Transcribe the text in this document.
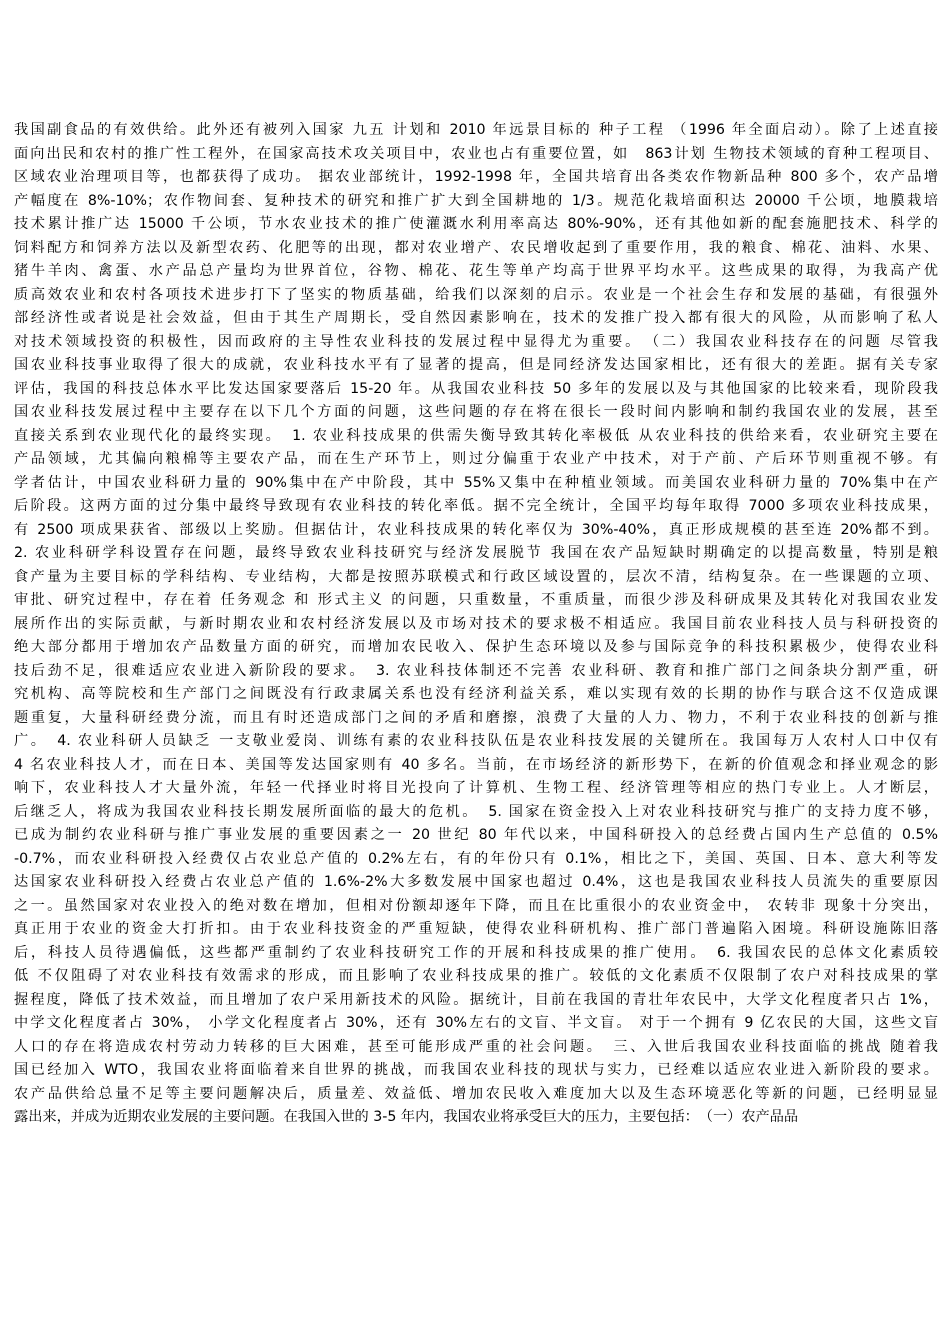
我国副食品的有效供给。此外还有被列入国家 九五 计划和 2010 年远景目标的 种子工程 （1996 年全面启动）。除了上述直接
面向出民和农村的推广性工程外，在国家高技术攻关项目中，农业也占有重要位置，如　863计划 生物技术领域的育种工程项目、
区域农业治理项目等，也都获得了成功。 据农业部统计，1992-1998 年，全国共培育出各类农作物新品种 800 多个，农产品增
产幅度在 8%-10%；农作物间套、复种技术的研究和推广扩大到全国耕地的 1/3。规范化栽培面积达 20000 千公顷，地膜栽培
技术累计推广达 15000 千公顷，节水农业技术的推广使灌溉水利用率高达 80%-90%，还有其他如新的配套施肥技术、科学的
饲料配方和饲养方法以及新型农药、化肥等的出现，都对农业增产、农民增收起到了重要作用，我的粮食、棉花、油料、水果、
猪牛羊肉、禽蛋、水产品总产量均为世界首位，谷物、棉花、花生等单产均高于世界平均水平。这些成果的取得，为我高产优
质高效农业和农村各项技术进步打下了坚实的物质基础，给我们以深刻的启示。农业是一个社会生存和发展的基础，有很强外
部经济性或者说是社会效益，但由于其生产周期长，受自然因素影响在，技术的发推广投入都有很大的风险，从而影响了私人
对技术领域投资的积极性，因而政府的主导性农业科技的发展过程中显得尤为重要。　（二）我国农业科技存在的问题 尽管我
国农业科技事业取得了很大的成就，农业科技水平有了显著的提高，但是同经济发达国家相比，还有很大的差距。据有关专家
评估，我国的科技总体水平比发达国家要落后 15-20 年。从我国农业科技 50 多年的发展以及与其他国家的比较来看，现阶段我
国农业科技发展过程中主要存在以下几个方面的问题，这些问题的存在将在很长一段时间内影响和制约我国农业的发展，甚至
直接关系到农业现代化的最终实现。　1. 农业科技成果的供需失衡导致其转化率极低 从农业科技的供给来看，农业研究主要在
产品领域，尤其偏向粮棉等主要农产品，而在生产环节上，则过分偏重于农业产中技术，对于产前、产后环节则重视不够。有
学者估计，中国农业科研力量的 90%集中在产中阶段，其中 55%又集中在种植业领域。而美国农业科研力量的 70%集中在产
后阶段。这两方面的过分集中最终导致现有农业科技的转化率低。据不完全统计，全国平均每年取得 7000 多项农业科技成果，
有 2500 项成果获省、部级以上奖励。但据估计，农业科技成果的转化率仅为 30%-40%，真正形成规模的甚至连 20%都不到。
2. 农业科研学科设置存在问题，最终导致农业科技研究与经济发展脱节 我国在农产品短缺时期确定的以提高数量，特别是粮
食产量为主要目标的学科结构、专业结构，大都是按照苏联模式和行政区域设置的，层次不清，结构复杂。在一些课题的立项、
审批、研究过程中，存在着 任务观念 和 形式主义 的问题，只重数量，不重质量，而很少涉及科研成果及其转化对我国农业发
展所作出的实际贡献，与新时期农业和农村经济发展以及市场对技术的要求极不相适应。我国目前农业科技人员与科研投资的
绝大部分都用于增加农产品数量方面的研究，而增加农民收入、保护生态环境以及参与国际竞争的科技积累极少，使得农业科
技后劲不足，很难适应农业进入新阶段的要求。　3. 农业科技体制还不完善 农业科研、教育和推广部门之间条块分割严重，研
究机构、高等院校和生产部门之间既没有行政隶属关系也没有经济利益关系，难以实现有效的长期的协作与联合这不仅造成课
题重复，大量科研经费分流，而且有时还造成部门之间的矛盾和磨擦，浪费了大量的人力、物力，不利于农业科技的创新与推
广。　4. 农业科研人员缺乏 一支敬业爱岗、训练有素的农业科技队伍是农业科技发展的关键所在。我国每万人农村人口中仅有
4 名农业科技人才，而在日本、美国等发达国家则有 40 多名。当前，在市场经济的新形势下，在新的价值观念和择业观念的影
响下，农业科技人才大量外流，年轻一代择业时将目光投向了计算机、生物工程、经济管理等相应的热门专业上。人才断层，
后继乏人，将成为我国农业科技长期发展所面临的最大的危机。　5. 国家在资金投入上对农业科技研究与推广的支持力度不够，
已成为制约农业科研与推广事业发展的重要因素之一 20 世纪 80 年代以来，中国科研投入的总经费占国内生产总值的 0.5%
-0.7%，而农业科研投入经费仅占农业总产值的 0.2%左右，有的年份只有 0.1%，相比之下，美国、英国、日本、意大利等发
达国家农业科研投入经费占农业总产值的 1.6%-2%大多数发展中国家也超过 0.4%，这也是我国农业科技人员流失的重要原因
之一。虽然国家对农业投入的绝对数在增加，但相对份额却逐年下降，而且在比重很小的农业资金中， 农转非 现象十分突出，
真正用于农业的资金大打折扣。由于农业科技资金的严重短缺，使得农业科研机构、推广部门普遍陷入困境。科研设施陈旧落
后，科技人员待遇偏低，这些都严重制约了农业科技研究工作的开展和科技成果的推广使用。　6. 我国农民的总体文化素质较
低 不仅阻碍了对农业科技有效需求的形成，而且影响了农业科技成果的推广。较低的文化素质不仅限制了农户对科技成果的掌
握程度，降低了技术效益，而且增加了农户采用新技术的风险。据统计，目前在我国的青壮年农民中，大学文化程度者只占 1%，
中学文化程度者占 30%， 小学文化程度者占 30%，还有 30%左右的文盲、半文盲。 对于一个拥有 9 亿农民的大国，这些文盲
人口的存在将造成农村劳动力转移的巨大困难，甚至可能形成严重的社会问题。　三、入世后我国农业科技面临的挑战 随着我
国已经加入 WTO，我国农业将面临着来自世界的挑战，而我国农业科技的现状与实力，已经难以适应农业进入新阶段的要求。
农产品供给总量不足等主要问题解决后，质量差、效益低、增加农民收入难度加大以及生态环境恶化等新的问题，已经明显显
露出来，并成为近期农业发展的主要问题。在我国入世的 3-5 年内，我国农业将承受巨大的压力，主要包括：　（一）农产品品
